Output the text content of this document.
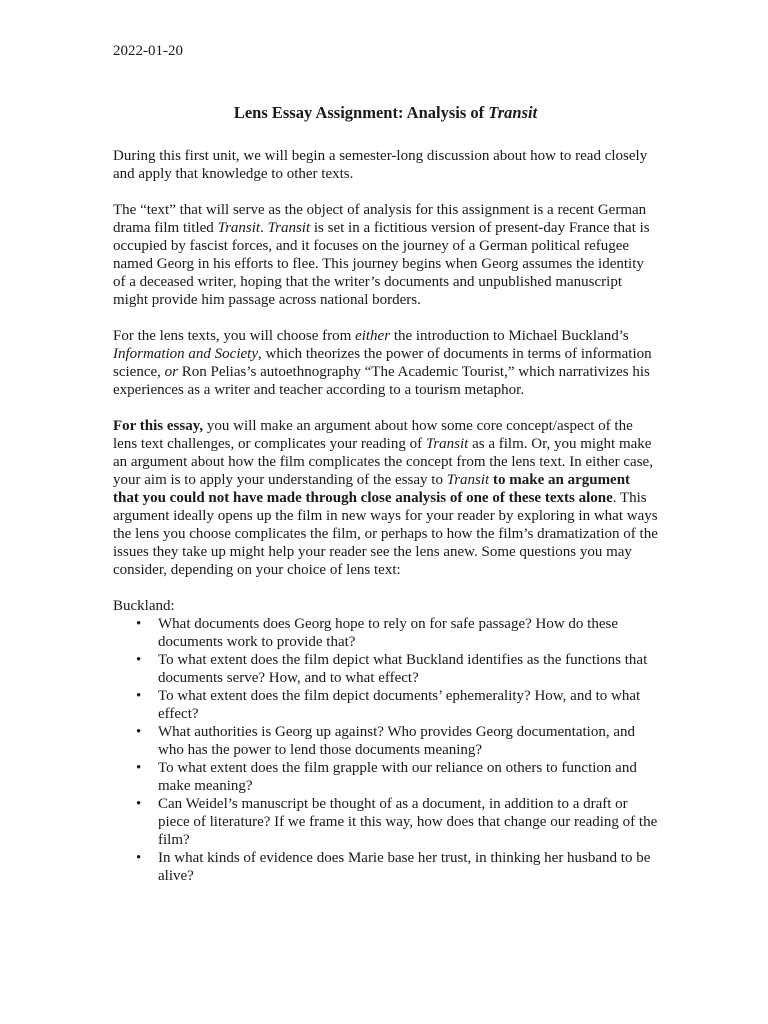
2022-01-20
Lens Essay Assignment: Analysis of Transit

During this first unit, we will begin a semester-long discussion about how to read closely and apply that knowledge to other texts.

The “text” that will serve as the object of analysis for this assignment is a recent German drama film titled Transit. Transit is set in a fictitious version of present-day France that is occupied by fascist forces, and it focuses on the journey of a German political refugee named Georg in his efforts to flee. This journey begins when Georg assumes the identity of a deceased writer, hoping that the writer’s documents and unpublished manuscript might provide him passage across national borders.

For the lens texts, you will choose from either the introduction to Michael Buckland’s Information and Society, which theorizes the power of documents in terms of information science, or Ron Pelias’s autoethnography “The Academic Tourist,” which narrativizes his experiences as a writer and teacher according to a tourism metaphor.

For this essay, you will make an argument about how some core concept/aspect of the lens text challenges, or complicates your reading of Transit as a film. Or, you might make an argument about how the film complicates the concept from the lens text. In either case, your aim is to apply your understanding of the essay to Transit to make an argument that you could not have made through close analysis of one of these texts alone. This argument ideally opens up the film in new ways for your reader by exploring in what ways the lens you choose complicates the film, or perhaps to how the film’s dramatization of the issues they take up might help your reader see the lens anew. Some questions you may consider, depending on your choice of lens text:

Buckland:
• What documents does Georg hope to rely on for safe passage? How do these documents work to provide that?
• To what extent does the film depict what Buckland identifies as the functions that documents serve? How, and to what effect?
• To what extent does the film depict documents’ ephemerality? How, and to what effect?
• What authorities is Georg up against? Who provides Georg documentation, and who has the power to lend those documents meaning?
• To what extent does the film grapple with our reliance on others to function and make meaning?
• Can Weidel’s manuscript be thought of as a document, in addition to a draft or piece of literature? If we frame it this way, how does that change our reading of the film?
• In what kinds of evidence does Marie base her trust, in thinking her husband to be alive?
